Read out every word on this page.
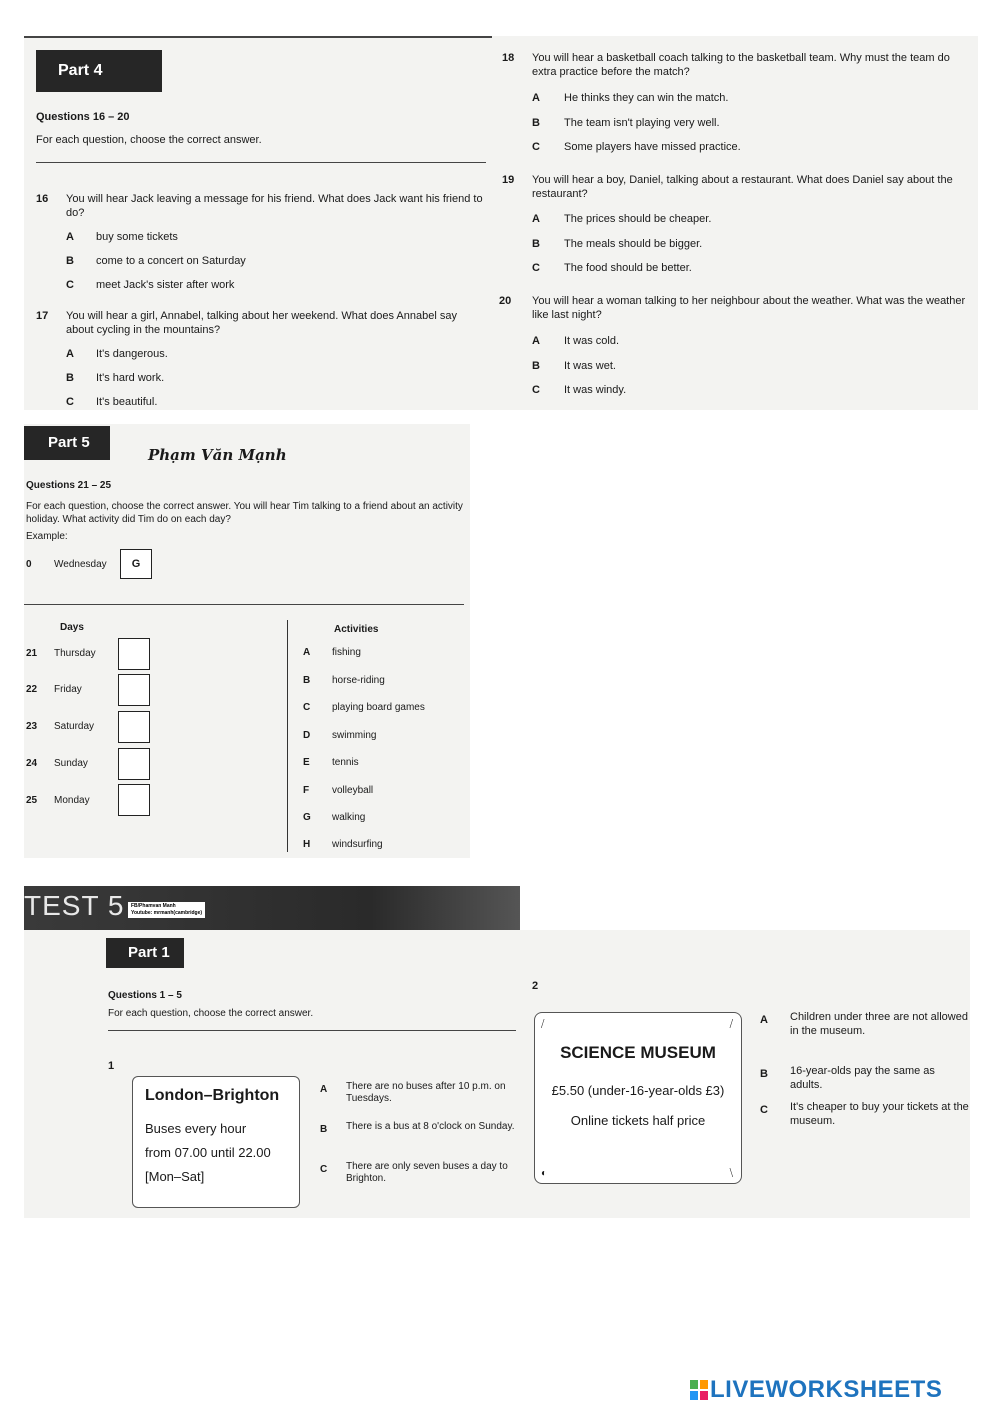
Part 4
Questions 16 – 20
For each question, choose the correct answer.
16 You will hear Jack leaving a message for his friend. What does Jack want his friend to do?
A buy some tickets
B come to a concert on Saturday
C meet Jack's sister after work
17 You will hear a girl, Annabel, talking about her weekend. What does Annabel say about cycling in the mountains?
A It's dangerous.
B It's hard work.
C It's beautiful.
18 You will hear a basketball coach talking to the basketball team. Why must the team do extra practice before the match?
A He thinks they can win the match.
B The team isn't playing very well.
C Some players have missed practice.
19 You will hear a boy, Daniel, talking about a restaurant. What does Daniel say about the restaurant?
A The prices should be cheaper.
B The meals should be bigger.
C The food should be better.
20 You will hear a woman talking to her neighbour about the weather. What was the weather like last night?
A It was cold.
B It was wet.
C It was windy.
Part 5
Phạm Văn Mạnh
Questions 21 – 25
For each question, choose the correct answer. You will hear Tim talking to a friend about an activity holiday. What activity did Tim do on each day?
Example:
0 Wednesday	G
Days	Activities
21 Thursday
22 Friday
23 Saturday
24 Sunday
25 Monday
A fishing
B horse-riding
C playing board games
D swimming
E tennis
F volleyball
G walking
H windsurfing
TEST 5 FB/Phamvan Manh
Youtube: mrmanh(cambridge)
Part 1
Questions 1 – 5
For each question, choose the correct answer.
1
London–Brighton
Buses every hour
from 07.00 until 22.00
[Mon–Sat]
A There are no buses after 10 p.m. on Tuesdays.
B There is a bus at 8 o'clock on Sunday.
C There are only seven buses a day to Brighton.
2
⧸	⧸
◐	⧹
SCIENCE MUSEUM
£5.50 (under-16-year-olds £3)
Online tickets half price
A Children under three are not allowed in the museum.
B 16-year-olds pay the same as adults.
C It's cheaper to buy your tickets at the museum.
LIVEWORKSHEETS
